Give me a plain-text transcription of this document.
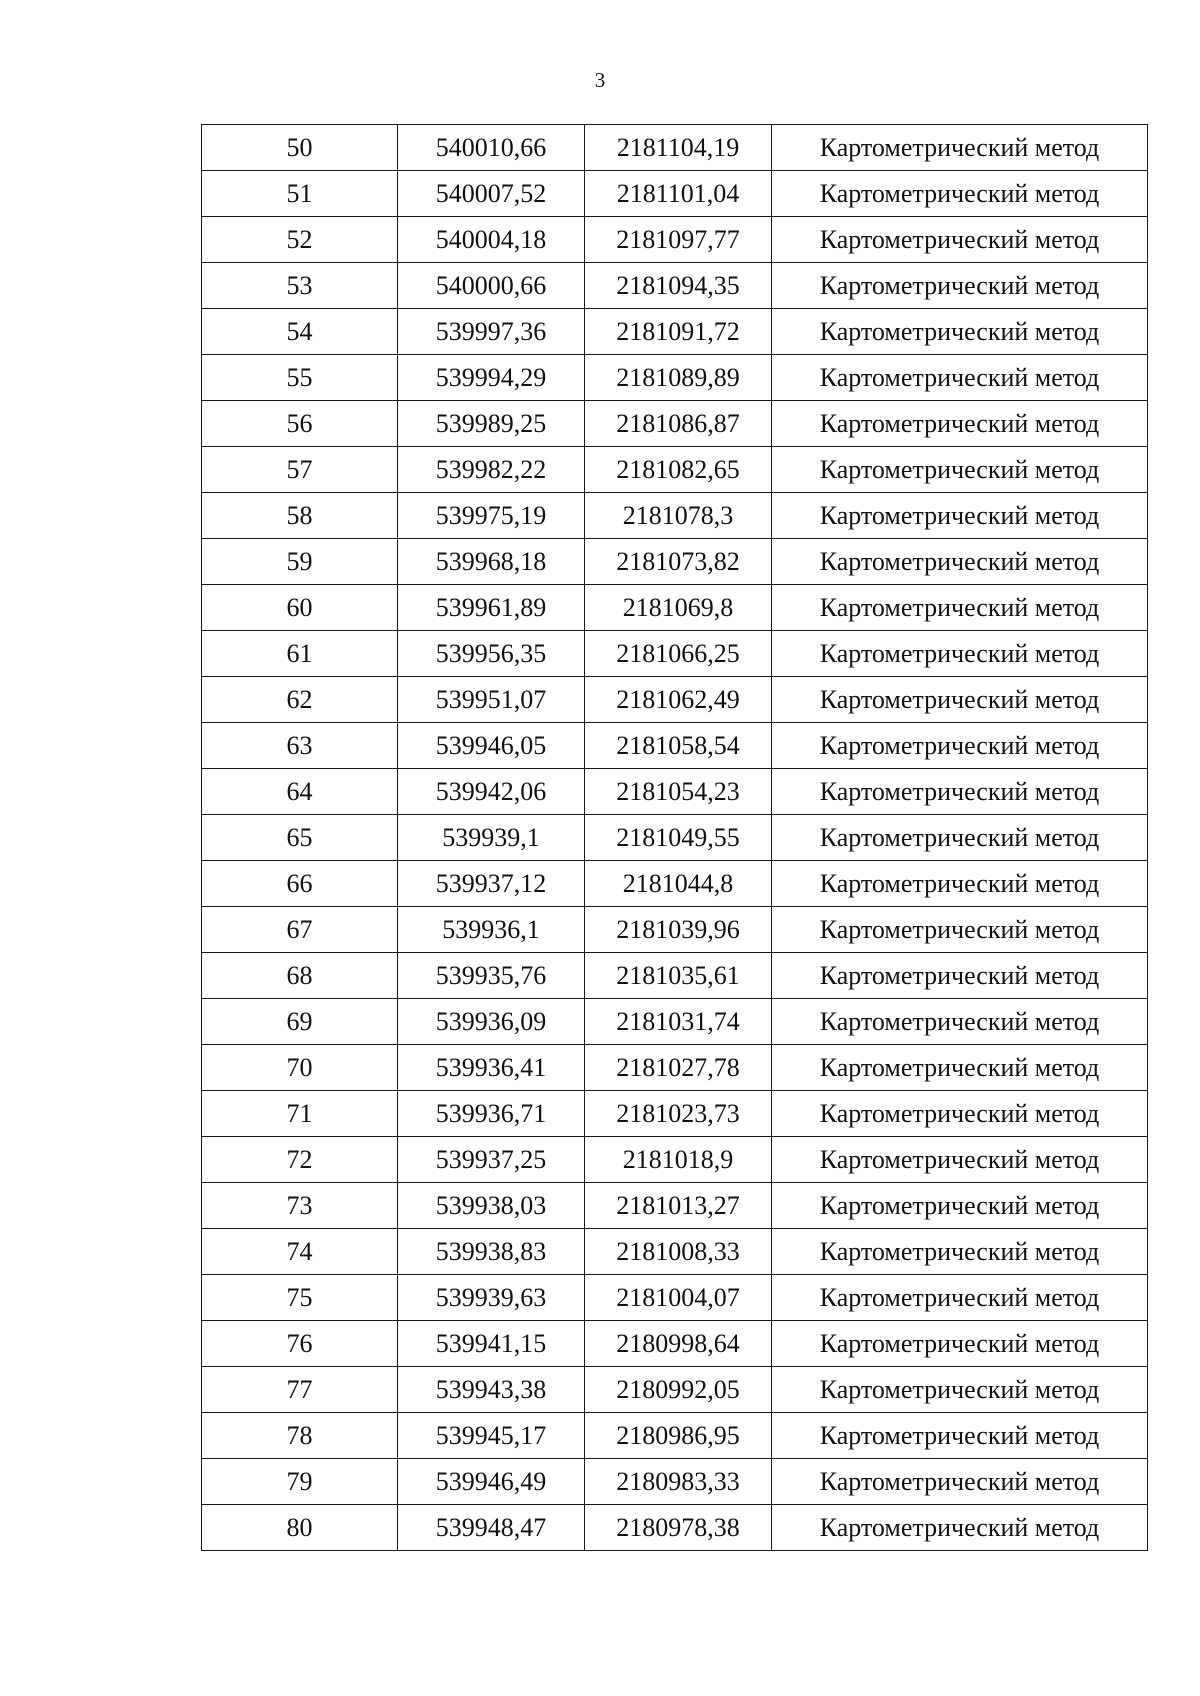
3
50	540010,66	2181104,19	Картометрический метод
51	540007,52	2181101,04	Картометрический метод
52	540004,18	2181097,77	Картометрический метод
53	540000,66	2181094,35	Картометрический метод
54	539997,36	2181091,72	Картометрический метод
55	539994,29	2181089,89	Картометрический метод
56	539989,25	2181086,87	Картометрический метод
57	539982,22	2181082,65	Картометрический метод
58	539975,19	2181078,3	Картометрический метод
59	539968,18	2181073,82	Картометрический метод
60	539961,89	2181069,8	Картометрический метод
61	539956,35	2181066,25	Картометрический метод
62	539951,07	2181062,49	Картометрический метод
63	539946,05	2181058,54	Картометрический метод
64	539942,06	2181054,23	Картометрический метод
65	539939,1	2181049,55	Картометрический метод
66	539937,12	2181044,8	Картометрический метод
67	539936,1	2181039,96	Картометрический метод
68	539935,76	2181035,61	Картометрический метод
69	539936,09	2181031,74	Картометрический метод
70	539936,41	2181027,78	Картометрический метод
71	539936,71	2181023,73	Картометрический метод
72	539937,25	2181018,9	Картометрический метод
73	539938,03	2181013,27	Картометрический метод
74	539938,83	2181008,33	Картометрический метод
75	539939,63	2181004,07	Картометрический метод
76	539941,15	2180998,64	Картометрический метод
77	539943,38	2180992,05	Картометрический метод
78	539945,17	2180986,95	Картометрический метод
79	539946,49	2180983,33	Картометрический метод
80	539948,47	2180978,38	Картометрический метод
